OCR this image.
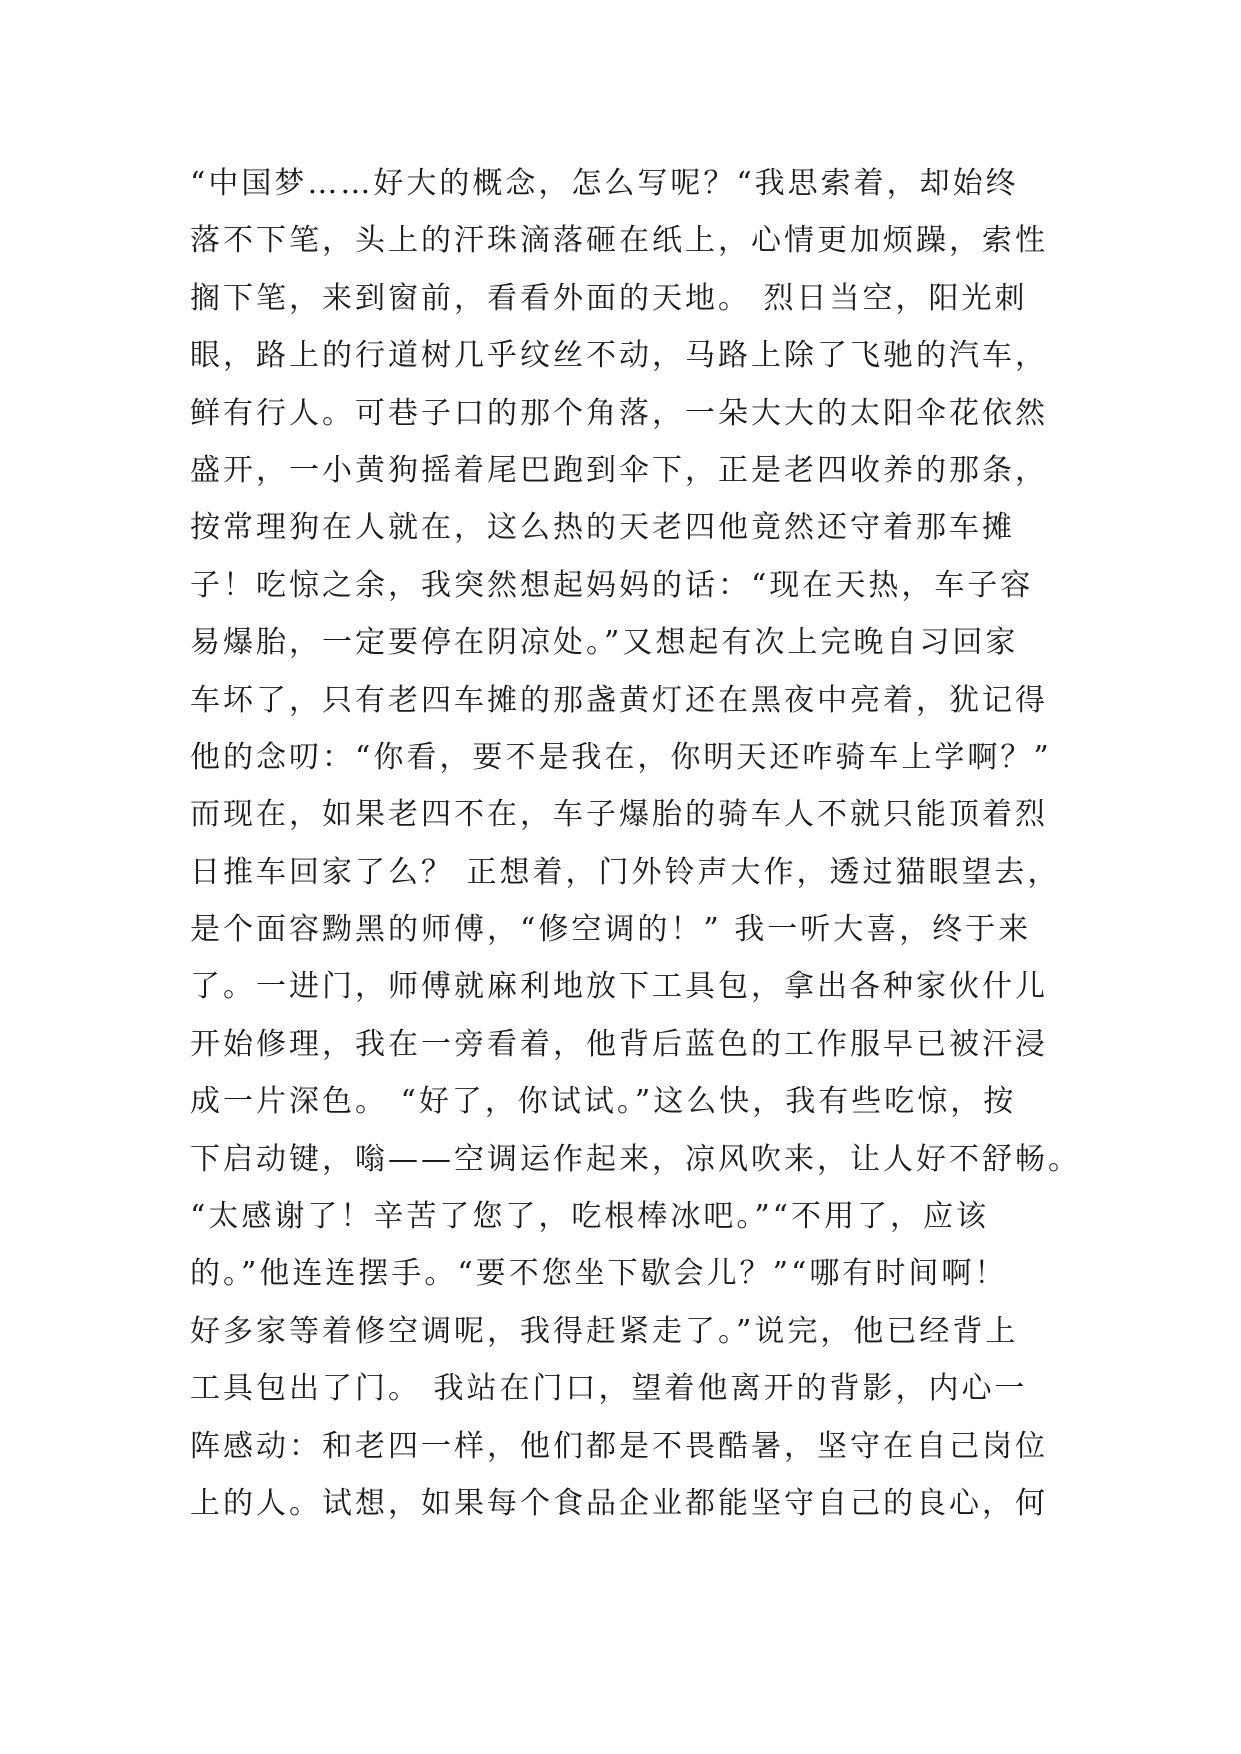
“中国梦……好大的概念，怎么写呢？“我思索着，却始终
落不下笔，头上的汗珠滴落砸在纸上，心情更加烦躁，索性
搁下笔，来到窗前，看看外面的天地。 烈日当空，阳光刺
眼，路上的行道树几乎纹丝不动，马路上除了飞驰的汽车，
鲜有行人。可巷子口的那个角落，一朵大大的太阳伞花依然
盛开，一小黄狗摇着尾巴跑到伞下，正是老四收养的那条，
按常理狗在人就在，这么热的天老四他竟然还守着那车摊
子！吃惊之余，我突然想起妈妈的话：“现在天热，车子容
易爆胎，一定要停在阴凉处。”又想起有次上完晚自习回家
车坏了，只有老四车摊的那盏黄灯还在黑夜中亮着，犹记得
他的念叨：“你看，要不是我在，你明天还咋骑车上学啊？”
而现在，如果老四不在，车子爆胎的骑车人不就只能顶着烈
日推车回家了么？ 正想着，门外铃声大作，透过猫眼望去，
是个面容黝黑的师傅，“修空调的！” 我一听大喜，终于来
了。一进门，师傅就麻利地放下工具包，拿出各种家伙什儿
开始修理，我在一旁看着，他背后蓝色的工作服早已被汗浸
成一片深色。 “好了，你试试。”这么快，我有些吃惊，按
下启动键，嗡——空调运作起来，凉风吹来，让人好不舒畅。
“太感谢了！辛苦了您了，吃根棒冰吧。”“不用了，应该
的。”他连连摆手。“要不您坐下歇会儿？”“哪有时间啊！
好多家等着修空调呢，我得赶紧走了。”说完，他已经背上
工具包出了门。 我站在门口，望着他离开的背影，内心一
阵感动：和老四一样，他们都是不畏酷暑，坚守在自己岗位
上的人。试想，如果每个食品企业都能坚守自己的良心，何
